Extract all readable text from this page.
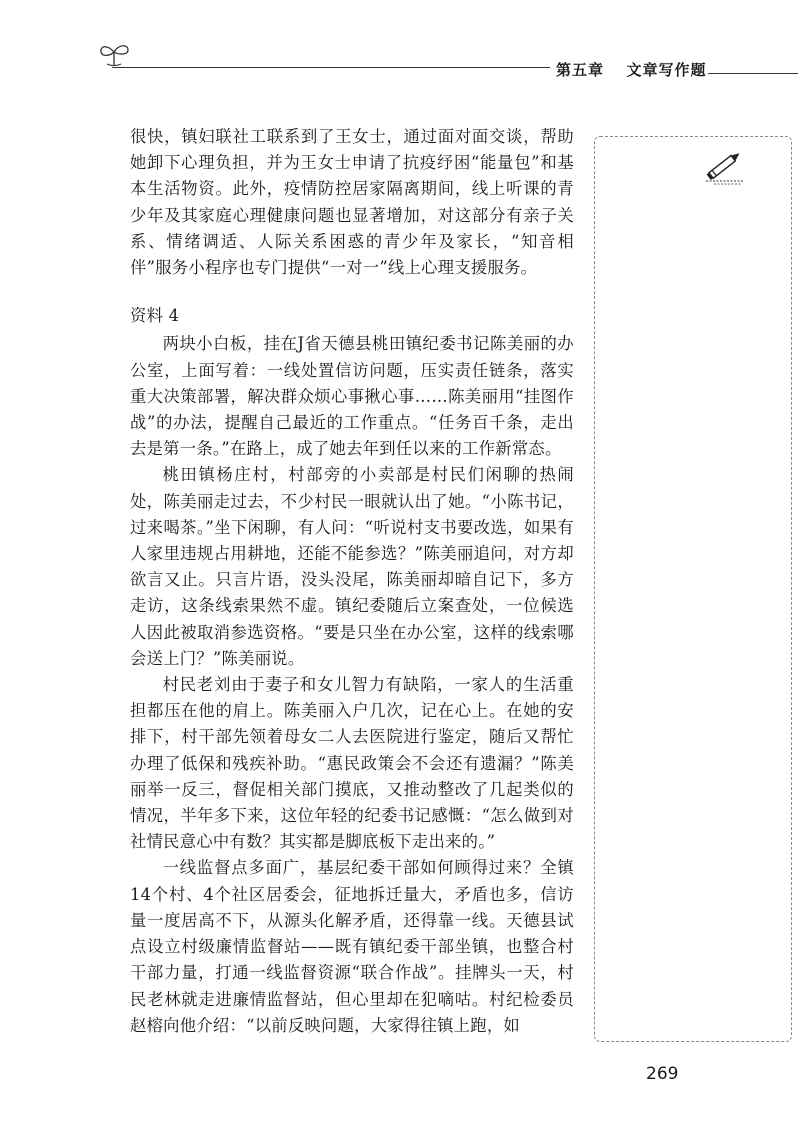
第五章 文章写作题

很快，镇妇联社工联系到了王女士，通过面对面交谈，帮助她卸下心理负担，并为王女士申请了抗疫纾困“能量包”和基本生活物资。此外，疫情防控居家隔离期间，线上听课的青少年及其家庭心理健康问题也显著增加，对这部分有亲子关系、情绪调适、人际关系困惑的青少年及家长，“知音相伴”服务小程序也专门提供“一对一”线上心理支援服务。

资料 4

两块小白板，挂在J省天德县桃田镇纪委书记陈美丽的办公室，上面写着：一线处置信访问题，压实责任链条，落实重大决策部署，解决群众烦心事揪心事……陈美丽用“挂图作战”的办法，提醒自己最近的工作重点。“任务百千条，走出去是第一条。”在路上，成了她去年到任以来的工作新常态。

桃田镇杨庄村，村部旁的小卖部是村民们闲聊的热闹处，陈美丽走过去，不少村民一眼就认出了她。“小陈书记，过来喝茶。”坐下闲聊，有人问：“听说村支书要改选，如果有人家里违规占用耕地，还能不能参选？”陈美丽追问，对方却欲言又止。只言片语，没头没尾，陈美丽却暗自记下，多方走访，这条线索果然不虚。镇纪委随后立案查处，一位候选人因此被取消参选资格。“要是只坐在办公室，这样的线索哪会送上门？”陈美丽说。

村民老刘由于妻子和女儿智力有缺陷，一家人的生活重担都压在他的肩上。陈美丽入户几次，记在心上。在她的安排下，村干部先领着母女二人去医院进行鉴定，随后又帮忙办理了低保和残疾补助。“惠民政策会不会还有遗漏？”陈美丽举一反三，督促相关部门摸底，又推动整改了几起类似的情况，半年多下来，这位年轻的纪委书记感慨：“怎么做到对社情民意心中有数？其实都是脚底板下走出来的。”

一线监督点多面广，基层纪委干部如何顾得过来？全镇14个村、4个社区居委会，征地拆迁量大，矛盾也多，信访量一度居高不下，从源头化解矛盾，还得靠一线。天德县试点设立村级廉情监督站——既有镇纪委干部坐镇，也整合村干部力量，打通一线监督资源“联合作战”。挂牌头一天，村民老林就走进廉情监督站，但心里却在犯嘀咕。村纪检委员赵榕向他介绍：“以前反映问题，大家得往镇上跑，如

269
